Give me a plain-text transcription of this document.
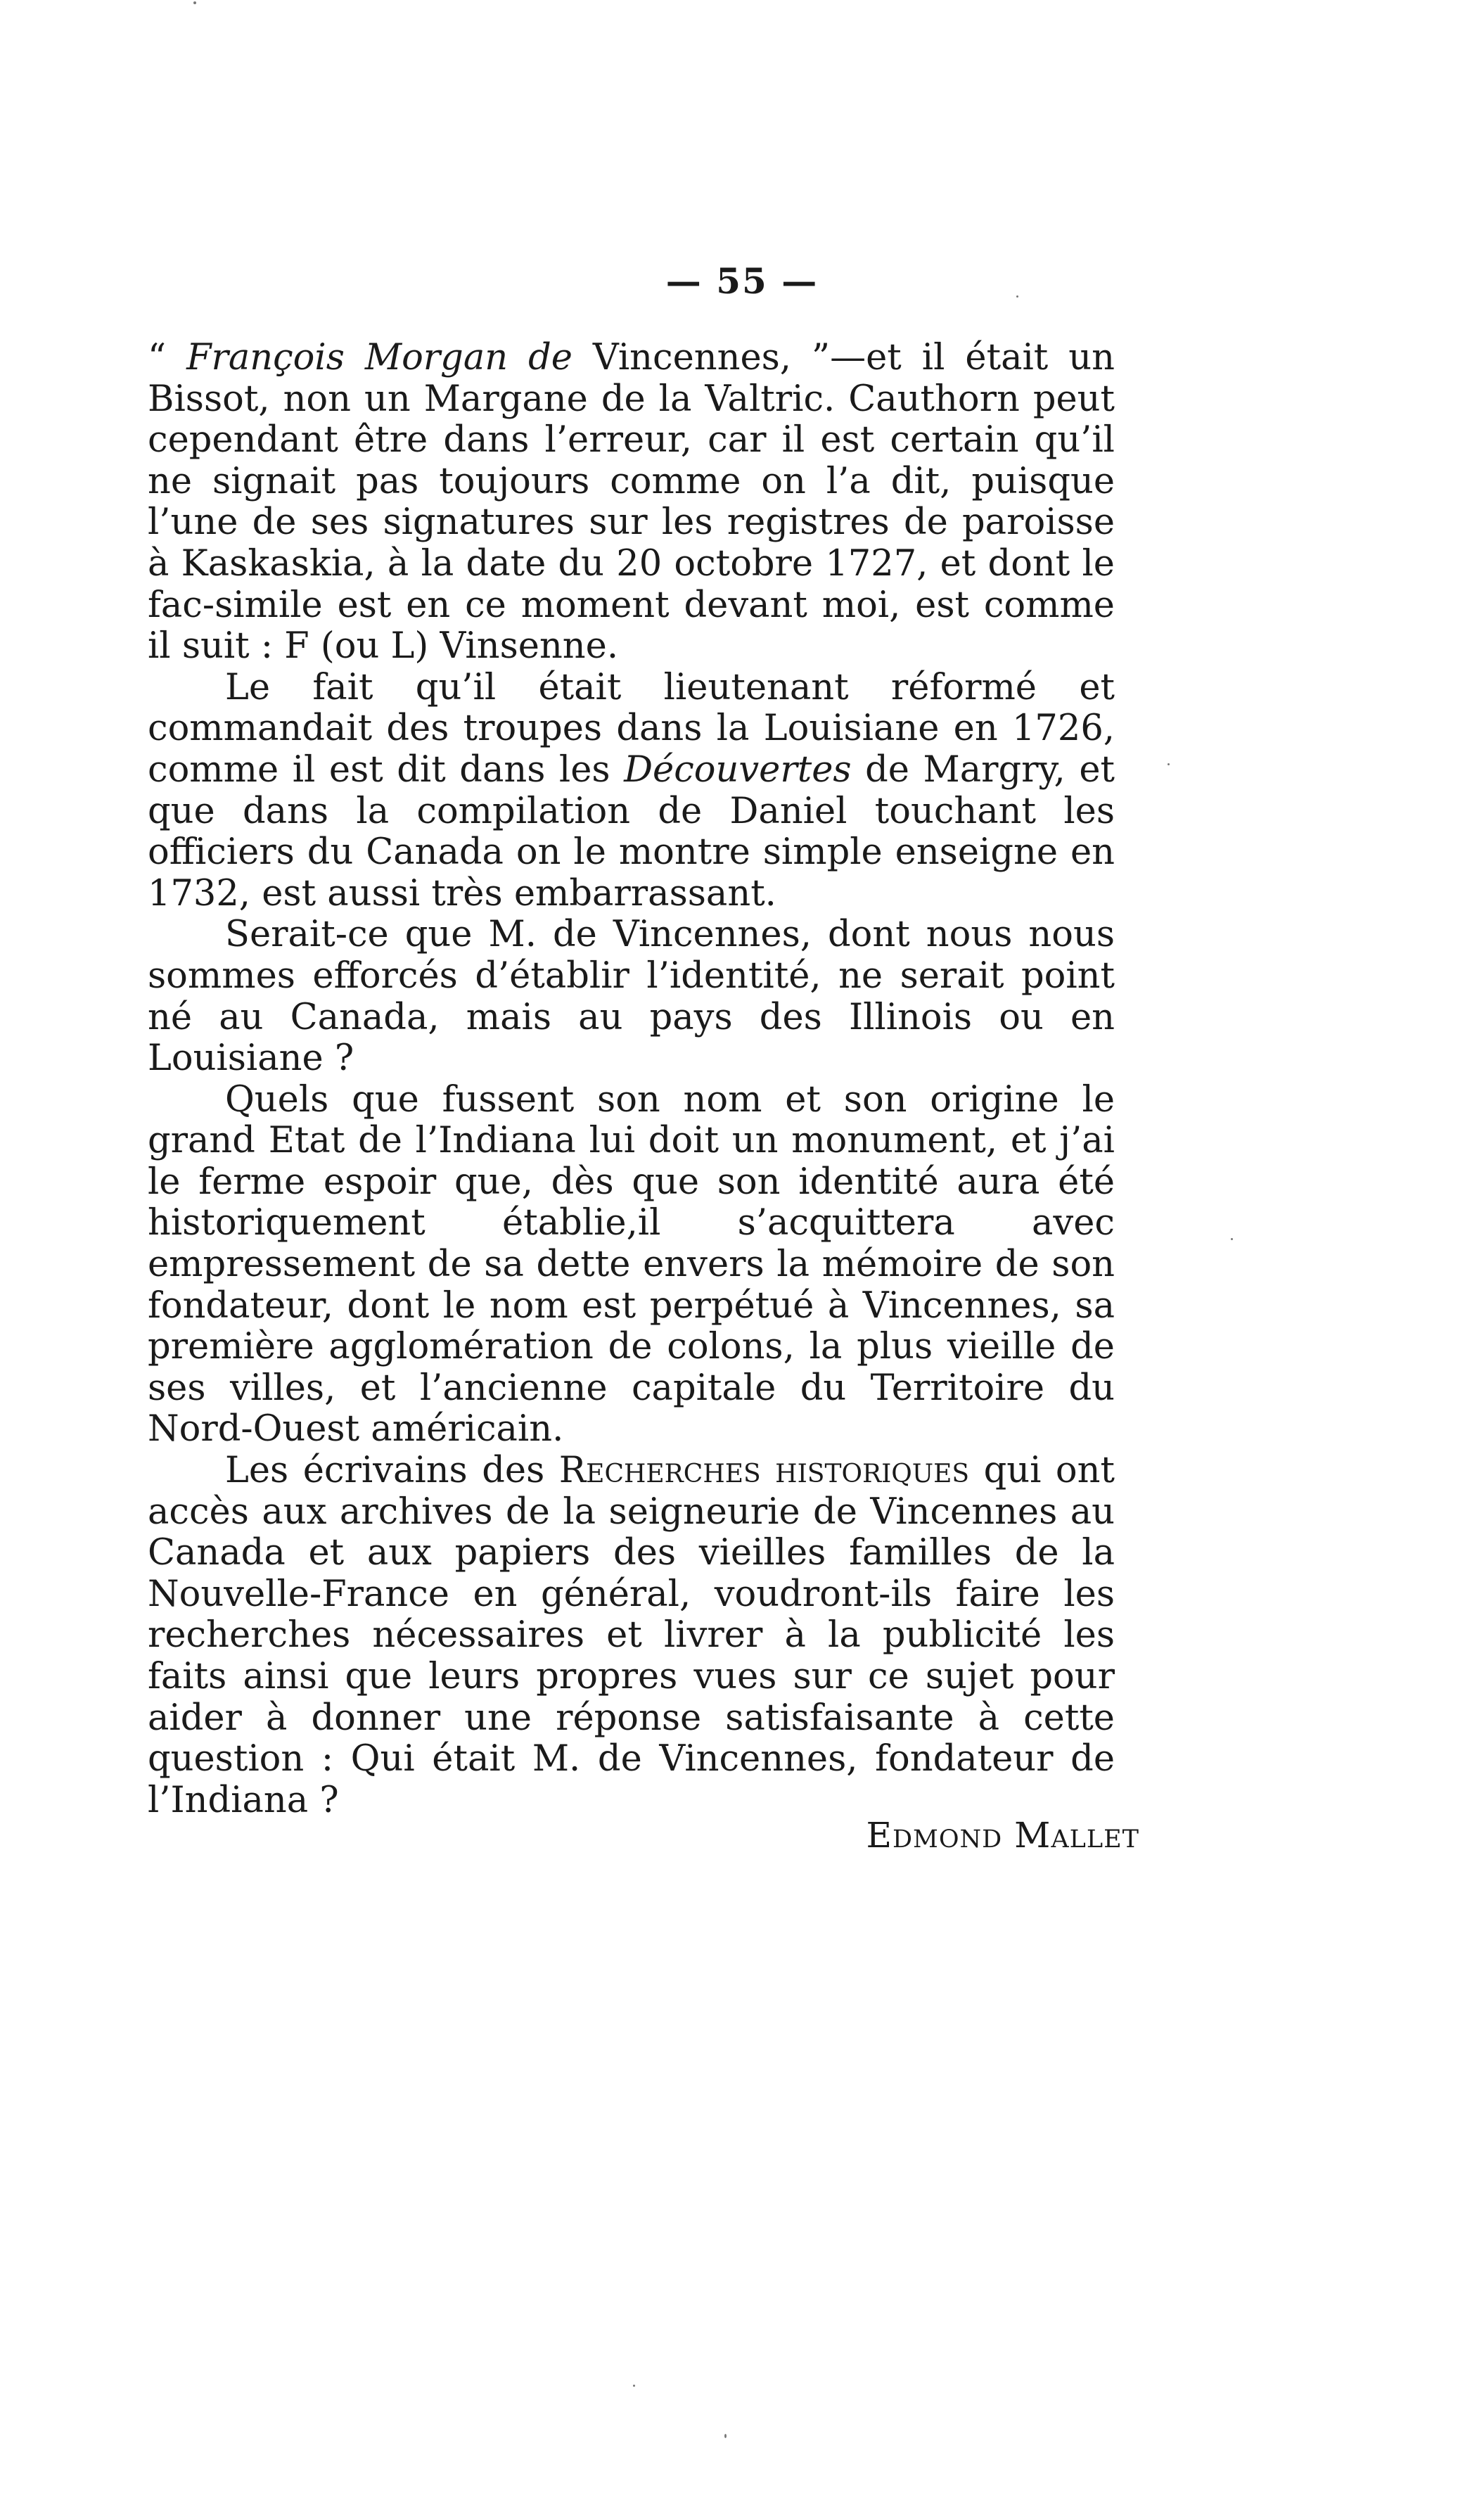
— 55 —

“ François Morgan de Vincennes, ”—et il était un Bissot, non un Margane de la Valtric. Cauthorn peut cependant être dans l’erreur, car il est certain qu’il ne signait pas toujours comme on l’a dit, puisque l’une de ses signatures sur les registres de paroisse à Kaskaskia, à la date du 20 octobre 1727, et dont le fac-simile est en ce moment devant moi, est comme il suit : F (ou L) Vinsenne.

Le fait qu’il était lieutenant réformé et commandait des troupes dans la Louisiane en 1726, comme il est dit dans les Découvertes de Margry, et que dans la compilation de Daniel touchant les officiers du Canada on le montre simple enseigne en 1732, est aussi très embarrassant.

Serait-ce que M. de Vincennes, dont nous nous sommes efforcés d’établir l’identité, ne serait point né au Canada, mais au pays des Illinois ou en Louisiane ?

Quels que fussent son nom et son origine le grand Etat de l’Indiana lui doit un monument, et j’ai le ferme espoir que, dès que son identité aura été historiquement établie,il s’acquittera avec empressement de sa dette envers la mémoire de son fondateur, dont le nom est perpétué à Vincennes, sa première agglomération de colons, la plus vieille de ses villes, et l’ancienne capitale du Territoire du Nord-Ouest américain.

Les écrivains des Recherches historiques qui ont accès aux archives de la seigneurie de Vincennes au Canada et aux papiers des vieilles familles de la Nouvelle-France en général, voudront-ils faire les recherches nécessaires et livrer à la publicité les faits ainsi que leurs propres vues sur ce sujet pour aider à donner une réponse satisfaisante à cette question : Qui était M. de Vincennes, fondateur de l’Indiana ?

Edmond Mallet
